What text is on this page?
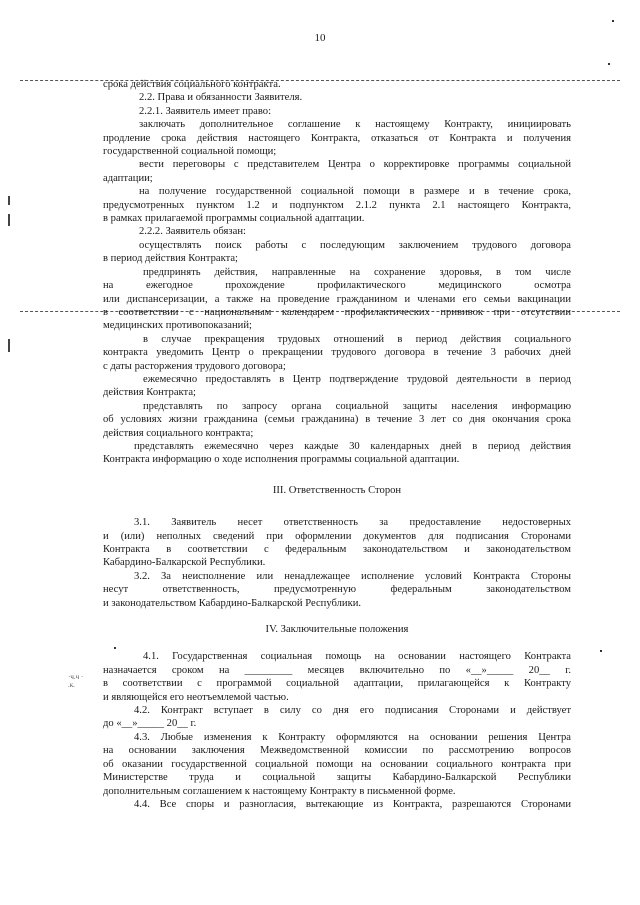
10
·ч.ч ·
.к.

срока действия социального контракта.

2.2. Права и обязанности Заявителя.

2.2.1. Заявитель имеет право:

заключать дополнительное соглашение к настоящему Контракту, инициировать

продление срока действия настоящего Контракта, отказаться от Контракта и получения

государственной социальной помощи;

вести переговоры с представителем Центра о корректировке программы социальной

адаптации;

на получение государственной социальной помощи в размере и в течение срока,

предусмотренных пунктом 1.2 и подпунктом 2.1.2 пункта 2.1 настоящего Контракта,

в рамках прилагаемой программы социальной адаптации.

2.2.2. Заявитель обязан:

осуществлять поиск работы с последующим заключением трудового договора

в период действия Контракта;

предпринять действия, направленные на сохранение здоровья, в том числе

на ежегодное прохождение профилактического медицинского осмотра

или диспансеризации, а также на проведение гражданином и членами его семьи вакцинации

в соответствии с национальным календарем профилактических прививок при отсутствии

медицинских противопоказаний;

в случае прекращения трудовых отношений в период действия социального

контракта уведомить Центр о прекращении трудового договора в течение 3 рабочих дней

с даты расторжения трудового договора;

ежемесячно предоставлять в Центр подтверждение трудовой деятельности в период

действия Контракта;

представлять по запросу органа социальной защиты населения информацию

об условиях жизни гражданина (семьи гражданина) в течение 3 лет со дня окончания срока

действия социального контракта;

представлять ежемесячно через каждые 30 календарных дней в период действия

Контракта информацию о ходе исполнения программы социальной адаптации.

III. Ответственность Сторон

3.1. Заявитель несет ответственность за предоставление недостоверных

и (или) неполных сведений при оформлении документов для подписания Сторонами

Контракта в соответствии с федеральным законодательством и законодательством

Кабардино-Балкарской Республики.

3.2. За неисполнение или ненадлежащее исполнение условий Контракта Стороны

несут ответственность, предусмотренную федеральным законодательством

и законодательством Кабардино-Балкарской Республики.

IV. Заключительные положения

4.1. Государственная социальная помощь на основании настоящего Контракта

назначается сроком на _________ месяцев включительно по «__»_____ 20__ г.

в соответствии с программой социальной адаптации, прилагающейся к Контракту

и являющейся его неотъемлемой частью.

4.2. Контракт вступает в силу со дня его подписания Сторонами и действует

до «__»_____ 20__ г.

4.3. Любые изменения к Контракту оформляются на основании решения Центра

на основании заключения Межведомственной комиссии по рассмотрению вопросов

об оказании государственной социальной помощи на основании социального контракта при

Министерстве труда и социальной защиты Кабардино-Балкарской Республики

дополнительным соглашением к настоящему Контракту в письменной форме.

4.4. Все споры и разногласия, вытекающие из Контракта, разрешаются Сторонами
